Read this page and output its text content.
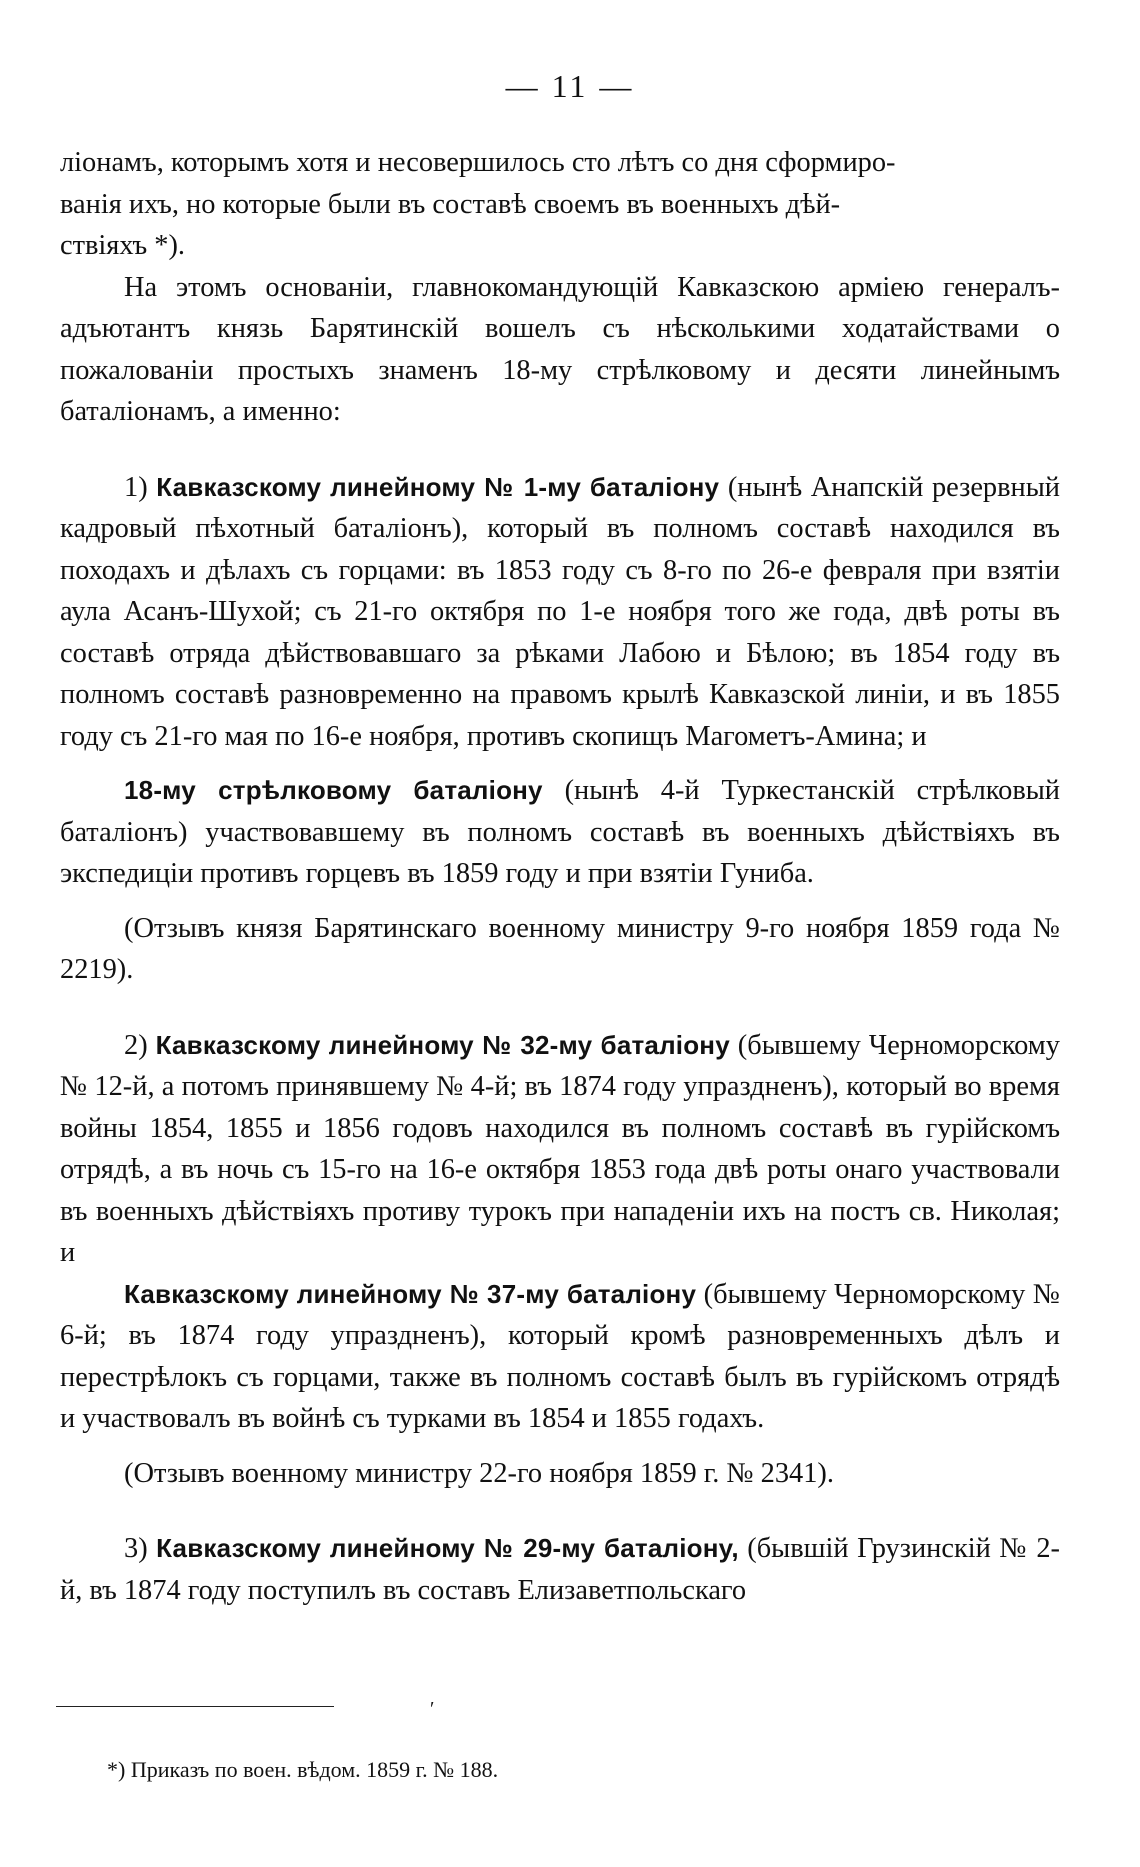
— 11 —

лiонамъ, которымъ хотя и несовершилось сто лѣтъ со дня сформиро-
ванiя ихъ, но которые были въ составѣ своемъ въ военныхъ дѣй-
ствiяхъ *).

На этомъ основанiи, главнокомандующiй Кавказскою армiею генералъ-адъютантъ князь Барятинскiй вошелъ съ нѣсколькими ходатайствами о пожалованiи простыхъ знаменъ 18-му стрѣлковому и десяти линейнымъ баталiонамъ, а именно:

1) Кавказскому линейному № 1-му баталiону (нынѣ Анапскiй резервный кадровый пѣхотный баталiонъ), который въ полномъ составѣ находился въ походахъ и дѣлахъ съ горцами: въ 1853 году съ 8-го по 26-е февраля при взятiи аула Асанъ-Шухой; съ 21-го октября по 1-е ноября того же года, двѣ роты въ составѣ отряда дѣйствовавшаго за рѣками Лабою и Бѣлою; въ 1854 году въ полномъ составѣ разновременно на правомъ крылѣ Кавказской линiи, и въ 1855 году съ 21-го мая по 16-е ноября, противъ скопищъ Магометъ-Амина; и

18-му стрѣлковому баталiону (нынѣ 4-й Туркестанскiй стрѣлковый баталiонъ) участвовавшему въ полномъ составѣ въ военныхъ дѣйствiяхъ въ экспедицiи противъ горцевъ въ 1859 году и при взятiи Гуниба.

(Отзывъ князя Барятинскаго военному министру 9-го ноября 1859 года № 2219).

2) Кавказскому линейному № 32-му баталiону (бывшему Черноморскому № 12-й, а потомъ принявшему № 4-й; въ 1874 году упраздненъ), который во время войны 1854, 1855 и 1856 годовъ находился въ полномъ составѣ въ гурiйскомъ отрядѣ, а въ ночь съ 15-го на 16-е октября 1853 года двѣ роты онаго участвовали въ военныхъ дѣйствiяхъ противу турокъ при нападенiи ихъ на постъ св. Николая; и

Кавказскому линейному № 37-му баталiону (бывшему Черноморскому № 6-й; въ 1874 году упраздненъ), который кромѣ разновременныхъ дѣлъ и перестрѣлокъ съ горцами, также въ полномъ составѣ былъ въ гурiйскомъ отрядѣ и участвовалъ въ войнѣ съ турками въ 1854 и 1855 годахъ.

(Отзывъ военному министру 22-го ноября 1859 г. № 2341).

3) Кавказскому линейному № 29-му баталiону, (бывшiй Грузинскiй № 2-й, въ 1874 году поступилъ въ составъ Елизаветпольскаго

′
*) Приказъ по воен. вѣдом. 1859 г. № 188.
